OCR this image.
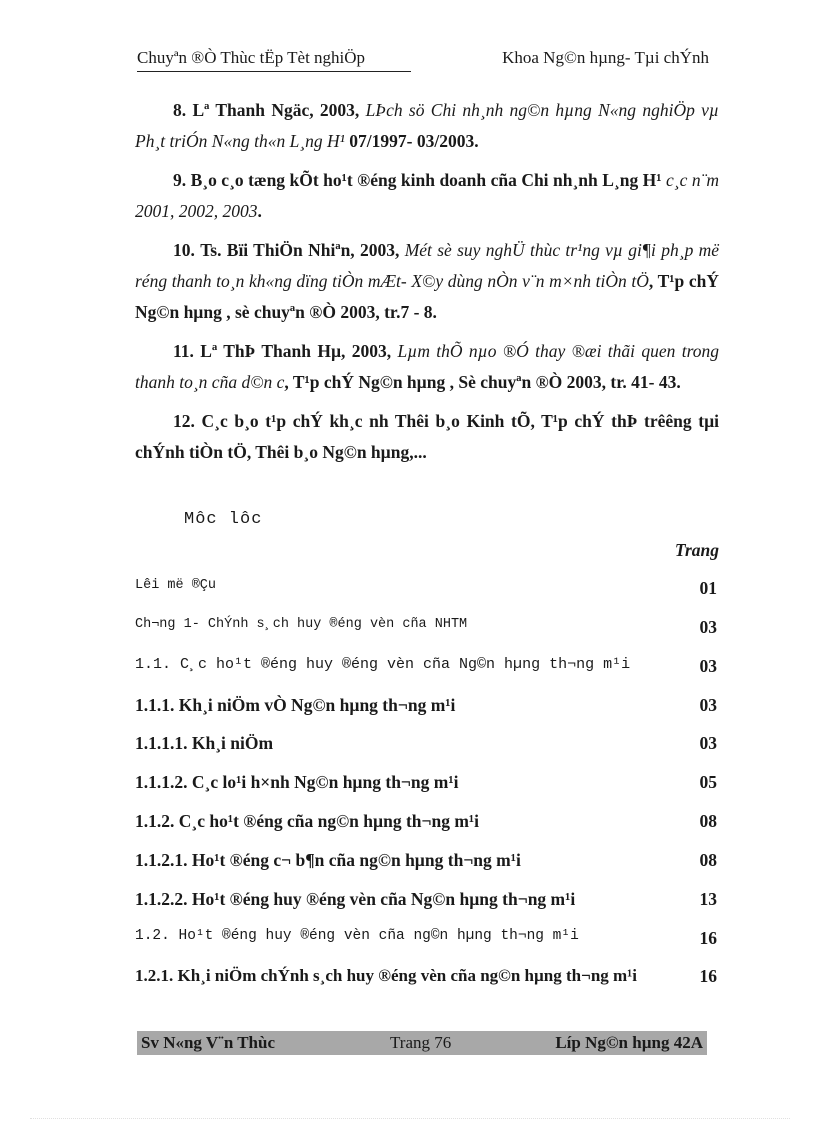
Chuyªn ®Ò Thùc tËp Tèt nghiÖp	Khoa Ng©n hµng- Tµi chÝnh

8. Lª Thanh Ngäc, 2003, LÞch sö Chi nh¸nh ng©n hµng N«ng nghiÖp vµ Ph¸t triÓn N«ng th«n L¸ng H¹ 07/1997- 03/2003.

9. B¸o c¸o tæng kÕt ho¹t ®éng kinh doanh cña Chi nh¸nh L¸ng H¹ c¸c n¨m 2001, 2002, 2003.

10. Ts. Bïi ThiÖn Nhiªn, 2003, Mét sè suy nghÜ thùc tr¹ng vµ gi¶i ph¸p më réng thanh to¸n kh«ng dïng tiÒn mÆt- X©y dùng nÒn v¨n m×nh tiÒn tÖ, T¹p chÝ Ng©n hµng , sè chuyªn ®Ò 2003, tr.7 - 8.

11. Lª ThÞ Thanh Hµ, 2003, Lµm thÕ nµo ®Ó thay ®æi thãi quen trong thanh to¸n cña d©n c, T¹p chÝ Ng©n hµng , Sè chuyªn ®Ò 2003, tr. 41- 43.

12. C¸c b¸o t¹p chÝ kh¸c nh Thêi b¸o Kinh tÕ, T¹p chÝ thÞ trêêng tµi chÝnh tiÒn tÖ, Thêi b¸o Ng©n hµng,...

Môc lôc
Trang
Lêi më ®Çu	01
Ch¬ng 1- ChÝnh s¸ch huy ®éng vèn cña NHTM	03
1.1. C¸c ho¹t ®éng huy ®éng vèn cña Ng©n hµng th¬ng m¹i	03
1.1.1. Kh¸i niÖm vÒ Ng©n hµng th¬ng m¹i	03
1.1.1.1. Kh¸i niÖm	03
1.1.1.2. C¸c lo¹i h×nh Ng©n hµng th¬ng m¹i	05
1.1.2. C¸c ho¹t ®éng cña ng©n hµng th¬ng m¹i	08
1.1.2.1. Ho¹t ®éng c¬ b¶n cña ng©n hµng th¬ng m¹i	08
1.1.2.2. Ho¹t ®éng huy ®éng vèn cña Ng©n hµng th¬ng m¹i	13
1.2. Ho¹t ®éng huy ®éng vèn cña ng©n hµng th¬ng m¹i	16
1.2.1. Kh¸i niÖm chÝnh s¸ch huy ®éng vèn cña ng©n hµng th¬ng m¹i	16
Sv N«ng V¨n Thùc	Trang 76	Líp Ng©n hµng 42A
